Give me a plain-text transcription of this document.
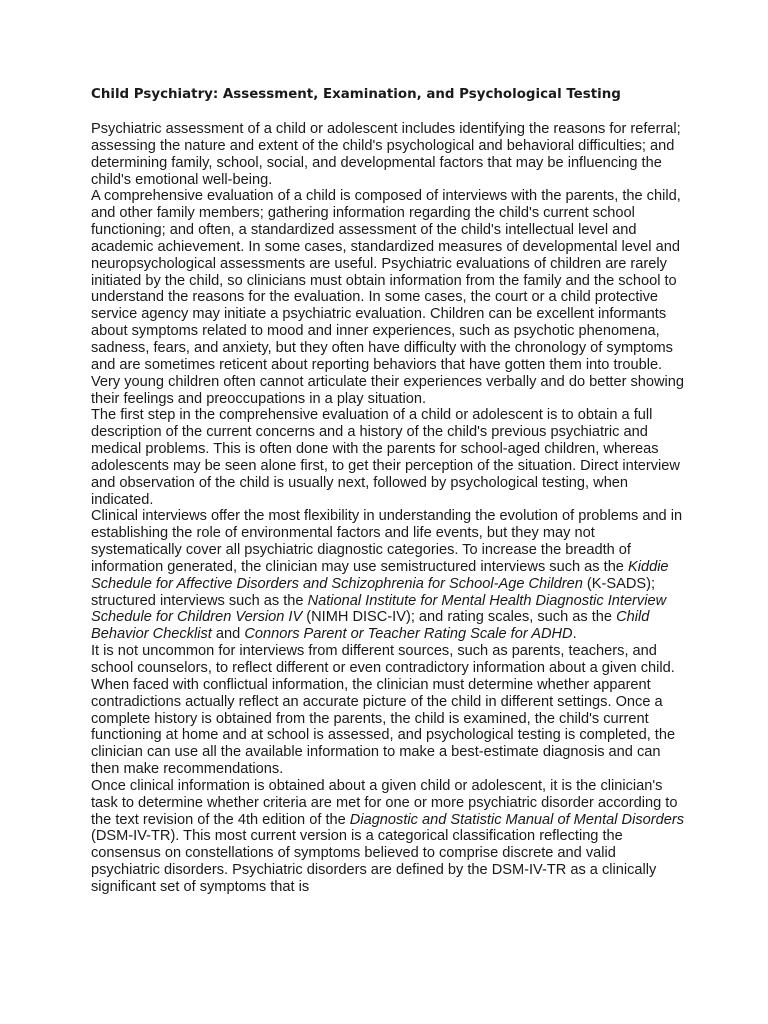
Child Psychiatry: Assessment, Examination, and Psychological Testing

Psychiatric assessment of a child or adolescent includes identifying the reasons for referral; assessing the nature and extent of the child's psychological and behavioral difficulties; and determining family, school, social, and developmental factors that may be influencing the child's emotional well-being.

A comprehensive evaluation of a child is composed of interviews with the parents, the child, and other family members; gathering information regarding the child's current school functioning; and often, a standardized assessment of the child's intellectual level and academic achievement. In some cases, standardized measures of developmental level and neuropsychological assessments are useful. Psychiatric evaluations of children are rarely initiated by the child, so clinicians must obtain information from the family and the school to understand the reasons for the evaluation. In some cases, the court or a child protective service agency may initiate a psychiatric evaluation. Children can be excellent informants about symptoms related to mood and inner experiences, such as psychotic phenomena, sadness, fears, and anxiety, but they often have difficulty with the chronology of symptoms and are sometimes reticent about reporting behaviors that have gotten them into trouble. Very young children often cannot articulate their experiences verbally and do better showing their feelings and preoccupations in a play situation.

The first step in the comprehensive evaluation of a child or adolescent is to obtain a full description of the current concerns and a history of the child's previous psychiatric and medical problems. This is often done with the parents for school-aged children, whereas adolescents may be seen alone first, to get their perception of the situation. Direct interview and observation of the child is usually next, followed by psychological testing, when indicated.

Clinical interviews offer the most flexibility in understanding the evolution of problems and in establishing the role of environmental factors and life events, but they may not systematically cover all psychiatric diagnostic categories. To increase the breadth of information generated, the clinician may use semistructured interviews such as the Kiddie Schedule for Affective Disorders and Schizophrenia for School-Age Children (K-SADS); structured interviews such as the National Institute for Mental Health Diagnostic Interview Schedule for Children Version IV (NIMH DISC-IV); and rating scales, such as the Child Behavior Checklist and Connors Parent or Teacher Rating Scale for ADHD.

It is not uncommon for interviews from different sources, such as parents, teachers, and school counselors, to reflect different or even contradictory information about a given child. When faced with conflictual information, the clinician must determine whether apparent contradictions actually reflect an accurate picture of the child in different settings. Once a complete history is obtained from the parents, the child is examined, the child's current functioning at home and at school is assessed, and psychological testing is completed, the clinician can use all the available information to make a best-estimate diagnosis and can then make recommendations.

Once clinical information is obtained about a given child or adolescent, it is the clinician's task to determine whether criteria are met for one or more psychiatric disorder according to the text revision of the 4th edition of the Diagnostic and Statistic Manual of Mental Disorders (DSM-IV-TR). This most current version is a categorical classification reflecting the consensus on constellations of symptoms believed to comprise discrete and valid psychiatric disorders. Psychiatric disorders are defined by the DSM-IV-TR as a clinically significant set of symptoms that is
